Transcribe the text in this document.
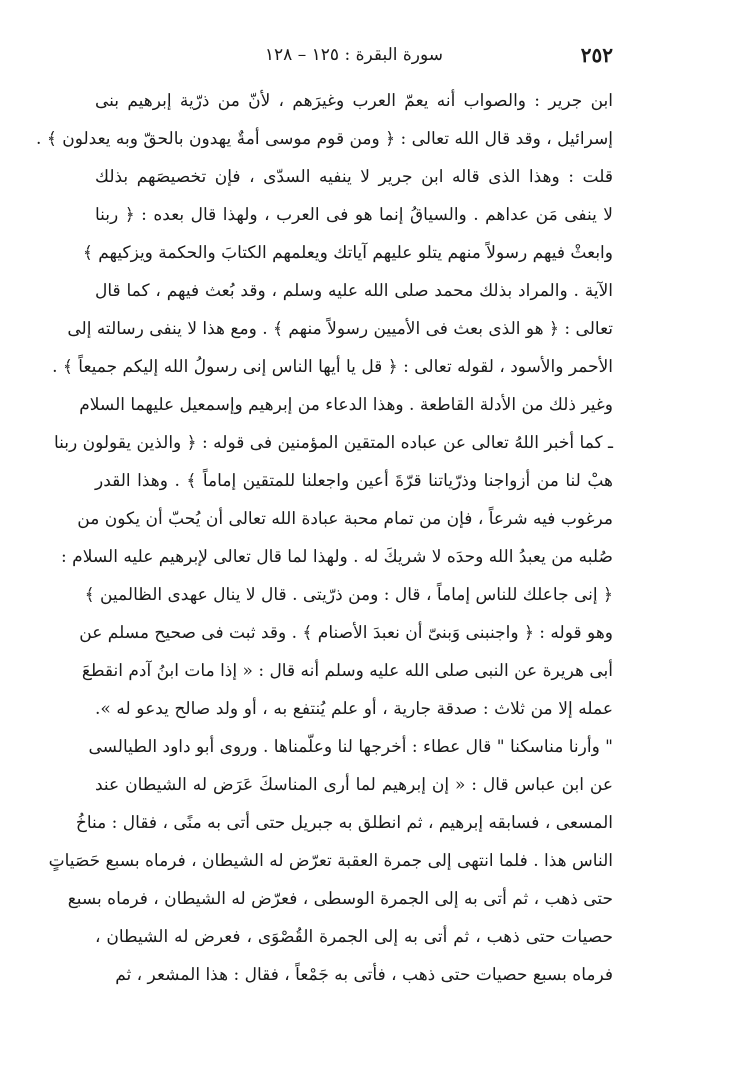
٢٥٢
سورة البقرة : ١٢٥ – ١٢٨
ابن جرير : والصواب أنه يعمّ العرب وغيرَهم ، لأنّ من ذرّية إبرهيم بنى
إسرائيل ، وقد قال الله تعالى : ﴿ ومن قوم موسى أمةٌ يهدون بالحقّ وبه يعدلون ﴾ .
قلت : وهذا الذى قاله ابن جرير لا ينفيه السدّى ، فإن تخصيصَهم بذلك
لا ينفى مَن عداهم . والسياقُ إنما هو فى العرب ، ولهذا قال بعده : ﴿ ربنا
وابعثْ فيهم رسولاً منهم يتلو عليهم آياتك ويعلمهم الكتابَ والحكمة ويزكيهم ﴾
الآية . والمراد بذلك محمد صلى الله عليه وسلم ، وقد بُعث فيهم ، كما قال
تعالى : ﴿ هو الذى بعث فى الأميين رسولاً منهم ﴾ . ومع هذا لا ينفى رسالته إلى
الأحمر والأسود ، لقوله تعالى : ﴿ قل يا أيها الناس إنى رسولُ الله إليكم جميعاً ﴾ .
وغير ذلك من الأدلة القاطعة . وهذا الدعاء من إبرهيم وإسمعيل عليهما السلام
ـ كما أخبر اللهُ تعالى عن عباده المتقين المؤمنين فى قوله : ﴿ والذين يقولون ربنا
هبْ لنا من أزواجنا وذرّياتنا قرّةَ أعين واجعلنا للمتقين إماماً ﴾ . وهذا القدر
مرغوب فيه شرعاً ، فإن من تمام محبة عبادة الله تعالى أن يُحبّ أن يكون من
صُلبه من يعبدُ الله وحدَه لا شريكَ له . ولهذا لما قال تعالى لإبرهيم عليه السلام :
﴿ إنى جاعلك للناس إماماً ، قال : ومن ذرّيتى . قال لا ينال عهدى الظالمين ﴾
وهو قوله : ﴿ واجنبنى وَبنىّ أن نعبدَ الأصنام ﴾ . وقد ثبت فى صحيح مسلم عن
أبى هريرة عن النبى صلى الله عليه وسلم أنه قال : « إذا مات ابنُ آدم انقطعَ
عمله إلا من ثلاث : صدقة جارية ، أو علم يُنتفع به ، أو ولد صالح يدعو له ».
" وأرنا مناسكنا " قال عطاء : أخرجها لنا وعلّمناها . وروى أبو داود الطيالسى
عن ابن عباس قال : « إن إبرهيم لما أرى المناسكَ عَرَض له الشيطان عند
المسعى ، فسابقه إبرهيم ، ثم انطلق به جبريل حتى أتى به منًى ، فقال : مناخُ
الناس هذا . فلما انتهى إلى جمرة العقبة تعرّض له الشيطان ، فرماه بسبع حَصَياتٍ
حتى ذهب ، ثم أتى به إلى الجمرة الوسطى ، فعرّض له الشيطان ، فرماه بسبع
حصيات حتى ذهب ، ثم أتى به إلى الجمرة القُصْوَى ، فعرض له الشيطان ،
فرماه بسبع حصيات حتى ذهب ، فأتى به جَمْعاً ، فقال : هذا المشعر ، ثم
